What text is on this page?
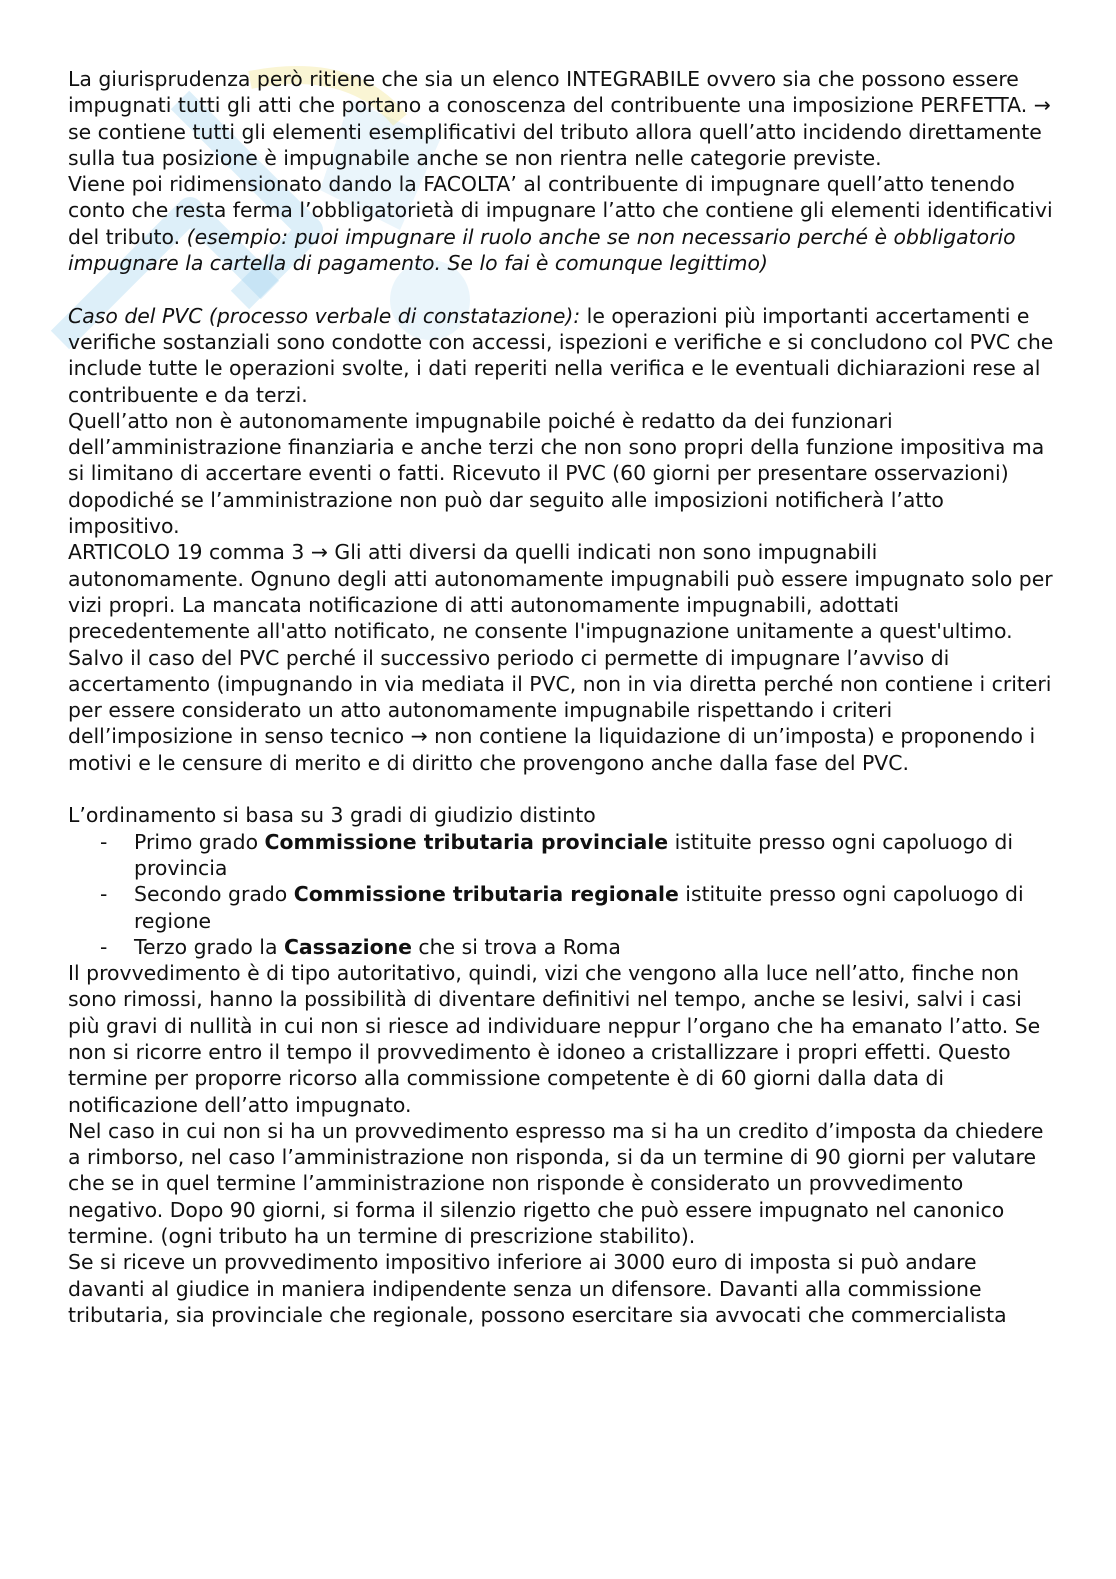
La giurisprudenza però ritiene che sia un elenco INTEGRABILE ovvero sia che possono essere impugnati tutti gli atti che portano a conoscenza del contribuente una imposizione PERFETTA. → se contiene tutti gli elementi esemplificativi del tributo allora quell’atto incidendo direttamente sulla tua posizione è impugnabile anche se non rientra nelle categorie previste.

Viene poi ridimensionato dando la FACOLTA’ al contribuente di impugnare quell’atto tenendo conto che resta ferma l’obbligatorietà di impugnare l’atto che contiene gli elementi identificativi del tributo. (esempio: puoi impugnare il ruolo anche se non necessario perché è obbligatorio impugnare la cartella di pagamento. Se lo fai è comunque legittimo)

Caso del PVC (processo verbale di constatazione): le operazioni più importanti accertamenti e verifiche sostanziali sono condotte con accessi, ispezioni e verifiche e si concludono col PVC che include tutte le operazioni svolte, i dati reperiti nella verifica e le eventuali dichiarazioni rese al contribuente e da terzi.

Quell’atto non è autonomamente impugnabile poiché è redatto da dei funzionari dell’amministrazione finanziaria e anche terzi che non sono propri della funzione impositiva ma si limitano di accertare eventi o fatti. Ricevuto il PVC (60 giorni per presentare osservazioni) dopodiché se l’amministrazione non può dar seguito alle imposizioni notificherà l’atto impositivo.

ARTICOLO 19 comma 3 → Gli atti diversi da quelli indicati non sono impugnabili autonomamente. Ognuno degli atti autonomamente impugnabili può essere impugnato solo per vizi propri. La mancata notificazione di atti autonomamente impugnabili, adottati precedentemente all'atto notificato, ne consente l'impugnazione unitamente a quest'ultimo.

Salvo il caso del PVC perché il successivo periodo ci permette di impugnare l’avviso di accertamento (impugnando in via mediata il PVC, non in via diretta perché non contiene i criteri per essere considerato un atto autonomamente impugnabile rispettando i criteri dell’imposizione in senso tecnico → non contiene la liquidazione di un’imposta) e proponendo i motivi e le censure di merito e di diritto che provengono anche dalla fase del PVC.

L’ordinamento si basa su 3 gradi di giudizio distinto

- Primo grado Commissione tributaria provinciale istituite presso ogni capoluogo di provincia
- Secondo grado Commissione tributaria regionale istituite presso ogni capoluogo di regione
- Terzo grado la Cassazione che si trova a Roma

Il provvedimento è di tipo autoritativo, quindi, vizi che vengono alla luce nell’atto, finche non sono rimossi, hanno la possibilità di diventare definitivi nel tempo, anche se lesivi, salvi i casi più gravi di nullità in cui non si riesce ad individuare neppur l’organo che ha emanato l’atto. Se non si ricorre entro il tempo il provvedimento è idoneo a cristallizzare i propri effetti. Questo termine per proporre ricorso alla commissione competente è di 60 giorni dalla data di notificazione dell’atto impugnato.

Nel caso in cui non si ha un provvedimento espresso ma si ha un credito d’imposta da chiedere a rimborso, nel caso l’amministrazione non risponda, si da un termine di 90 giorni per valutare che se in quel termine l’amministrazione non risponde è considerato un provvedimento negativo. Dopo 90 giorni, si forma il silenzio rigetto che può essere impugnato nel canonico termine. (ogni tributo ha un termine di prescrizione stabilito).

Se si riceve un provvedimento impositivo inferiore ai 3000 euro di imposta si può andare davanti al giudice in maniera indipendente senza un difensore. Davanti alla commissione tributaria, sia provinciale che regionale, possono esercitare sia avvocati che commercialista
